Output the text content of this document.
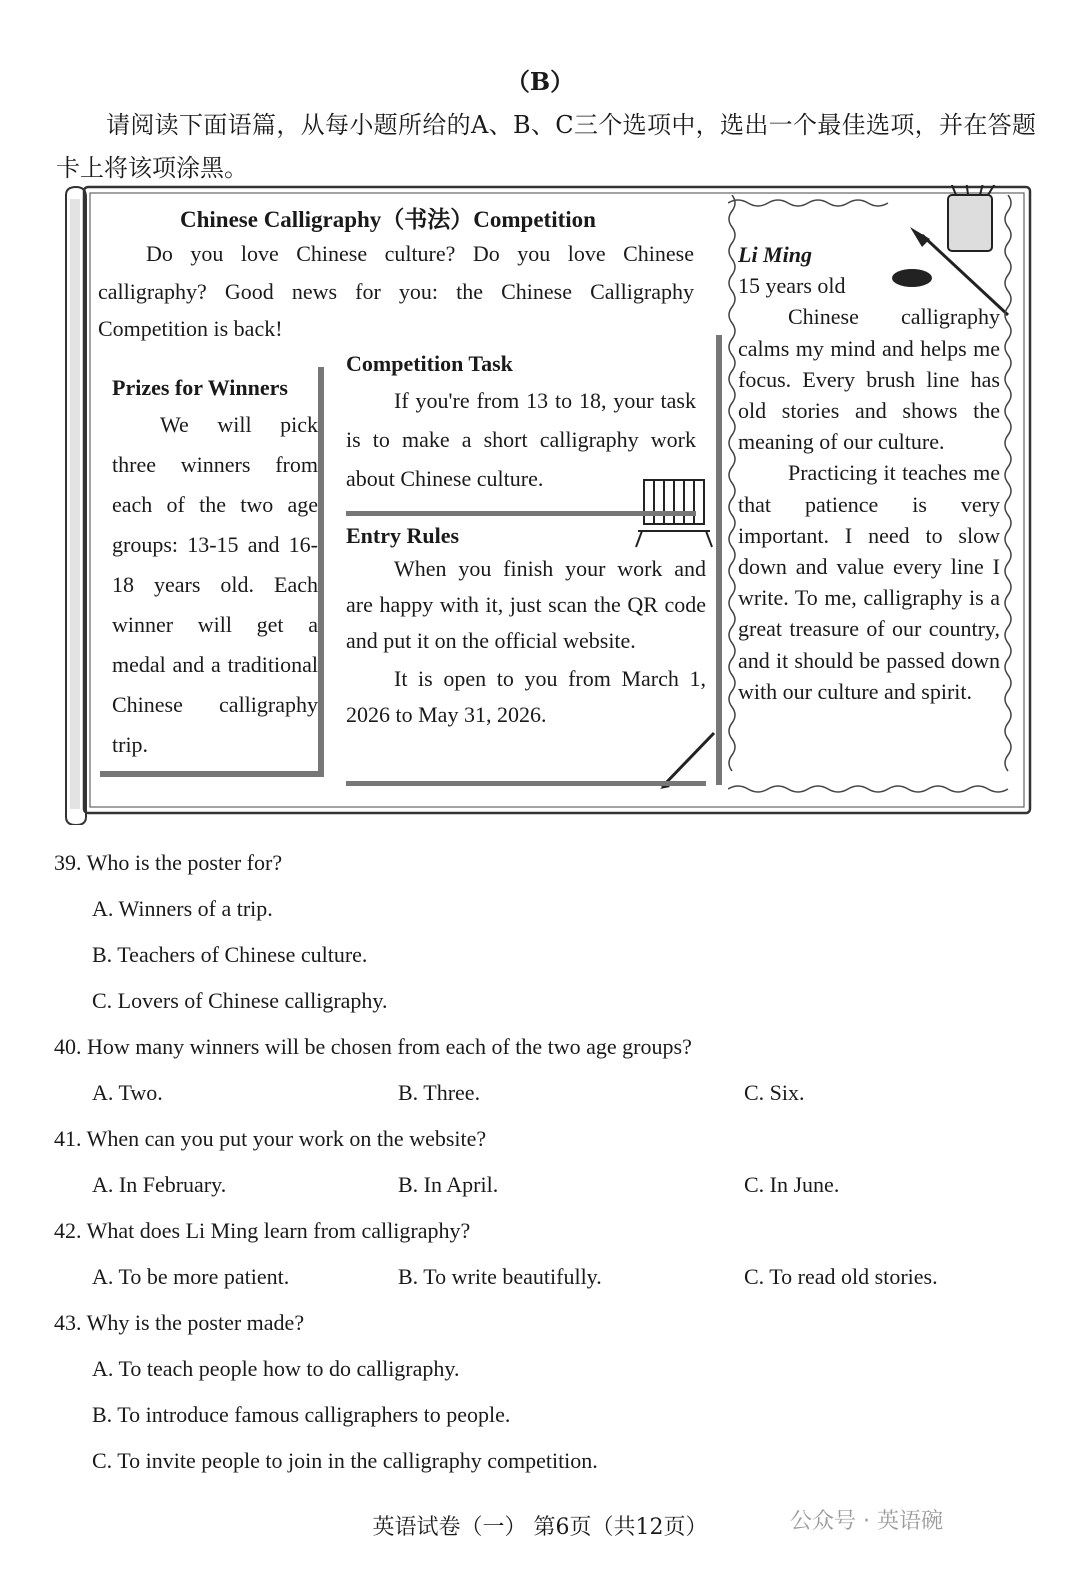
（B）
请阅读下面语篇，从每小题所给的A、B、C三个选项中，选出一个最佳选项，并在答题卡上将该项涂黑。
Chinese Calligraphy（书法）Competition

Do you love Chinese culture? Do you love Chinese calligraphy? Good news for you: the Chinese Calligraphy Competition is back!

Prizes for Winners

We will pick three winners from each of the two age groups: 13-15 and 16-18 years old. Each winner will get a medal and a traditional Chinese calligraphy trip.

Competition Task

If you're from 13 to 18, your task is to make a short calligraphy work about Chinese culture.

Entry Rules

When you finish your work and are happy with it, just scan the QR code and put it on the official website.

It is open to you from March 1, 2026 to May 31, 2026.

Li Ming
15 years old

Chinese calligraphy calms my mind and helps me focus. Every brush line has old stories and shows the meaning of our culture.

Practicing it teaches me that patience is very important. I need to slow down and value every line I write. To me, calligraphy is a great treasure of our country, and it should be passed down with our culture and spirit.

39. Who is the poster for?
A. Winners of a trip.
B. Teachers of Chinese culture.
C. Lovers of Chinese calligraphy.
40. How many winners will be chosen from each of the two age groups?
A. Two.	B. Three.	C. Six.
41. When can you put your work on the website?
A. In February.	B. In April.	C. In June.
42. What does Li Ming learn from calligraphy?
A. To be more patient.	B. To write beautifully.	C. To read old stories.
43. Why is the poster made?
A. To teach people how to do calligraphy.
B. To introduce famous calligraphers to people.
C. To invite people to join in the calligraphy competition.
英语试卷（一） 第6页（共12页）	公众号 · 英语碗
